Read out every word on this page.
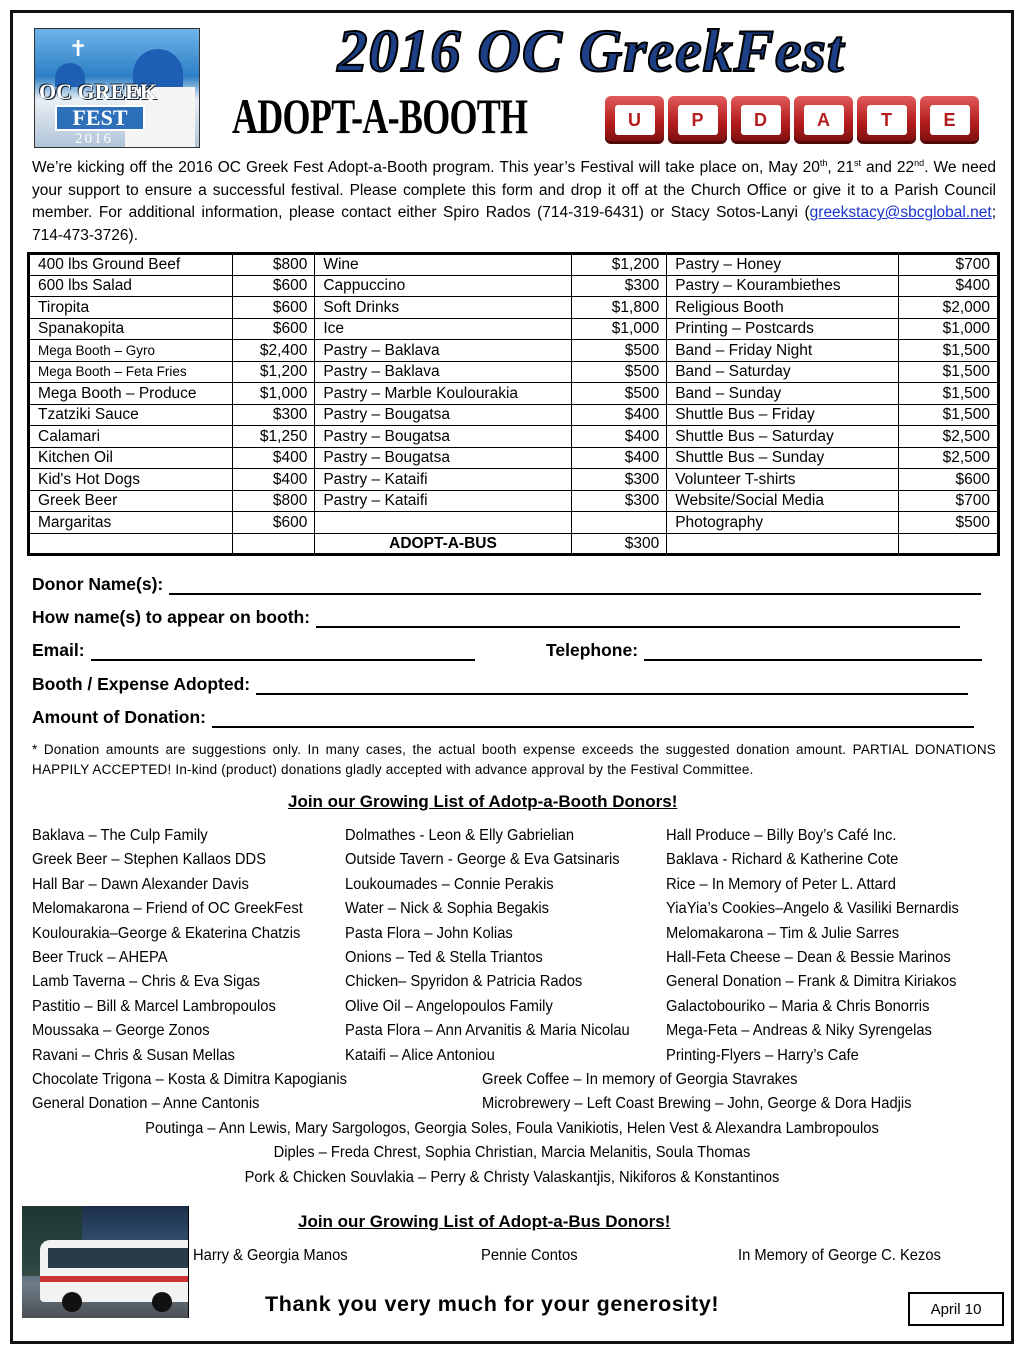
✝
OC GREEK
FEST
2016
2016 OC GreekFest
ADOPT-A-BOOTH	U	P	D	A	T	E

We’re kicking off the 2016 OC Greek Fest Adopt-a-Booth program. This year’s Festival will take place on, May 20th, 21st and 22nd. We need your support to ensure a successful festival. Please complete this form and drop it off at the Church Office or give it to a Parish Council member. For additional information, please contact either Spiro Rados (714-319-6431) or Stacy Sotos-Lanyi (greekstacy@sbcglobal.net; 714-473-3726).

400 lbs Ground Beef	$800	Wine	$1,200	Pastry – Honey	$700
600 lbs Salad	$600	Cappuccino	$300	Pastry – Kourambiethes	$400
Tiropita	$600	Soft Drinks	$1,800	Religious Booth	$2,000
Spanakopita	$600	Ice	$1,000	Printing – Postcards	$1,000
Mega Booth – Gyro	$2,400	Pastry – Baklava	$500	Band – Friday Night	$1,500
Mega Booth – Feta Fries	$1,200	Pastry – Baklava	$500	Band – Saturday	$1,500
Mega Booth – Produce	$1,000	Pastry – Marble Koulourakia	$500	Band – Sunday	$1,500
Tzatziki Sauce	$300	Pastry – Bougatsa	$400	Shuttle Bus – Friday	$1,500
Calamari	$1,250	Pastry – Bougatsa	$400	Shuttle Bus – Saturday	$2,500
Kitchen Oil	$400	Pastry – Bougatsa	$400	Shuttle Bus – Sunday	$2,500
Kid's Hot Dogs	$400	Pastry – Kataifi	$300	Volunteer T-shirts	$600
Greek Beer	$800	Pastry – Kataifi	$300	Website/Social Media	$700
Margaritas	$600			Photography	$500
		ADOPT-A-BUS	$300		
Donor Name(s):
How name(s) to appear on booth:
Email:	Telephone:
Booth / Expense Adopted:
Amount of Donation:

* Donation amounts are suggestions only. In many cases, the actual booth expense exceeds the suggested donation amount. PARTIAL DONATIONS HAPPILY ACCEPTED! In-kind (product) donations gladly accepted with advance approval by the Festival Committee.

Join our Growing List of Adotp-a-Booth Donors!
Baklava – The Culp Family
Greek Beer – Stephen Kallaos DDS
Hall Bar – Dawn Alexander Davis
Melomakarona – Friend of OC GreekFest
Koulourakia–George & Ekaterina Chatzis
Beer Truck – AHEPA
Lamb Taverna – Chris & Eva Sigas
Pastitio – Bill & Marcel Lambropoulos
Moussaka – George Zonos
Ravani – Chris & Susan Mellas
Dolmathes - Leon & Elly Gabrielian
Outside Tavern - George & Eva Gatsinaris
Loukoumades – Connie Perakis
Water – Nick & Sophia Begakis
Pasta Flora – John Kolias
Onions – Ted & Stella Triantos
Chicken– Spyridon & Patricia Rados
Olive Oil – Angelopoulos Family
Pasta Flora – Ann Arvanitis & Maria Nicolau
Kataifi – Alice Antoniou
Hall Produce – Billy Boy’s Café Inc.
Baklava - Richard & Katherine Cote
Rice – In Memory of Peter L. Attard
YiaYia’s Cookies–Angelo & Vasiliki Bernardis
Melomakarona – Tim & Julie Sarres
Hall-Feta Cheese – Dean & Bessie Marinos
General Donation – Frank & Dimitra Kiriakos
Galactobouriko – Maria & Chris Bonorris
Mega-Feta – Andreas & Niky Syrengelas
Printing-Flyers – Harry’s Cafe
Chocolate Trigona – Kosta & Dimitra Kapogianis
General Donation – Anne Cantonis
Greek Coffee – In memory of Georgia Stavrakes
Microbrewery – Left Coast Brewing – John, George & Dora Hadjis
Poutinga – Ann Lewis, Mary Sargologos, Georgia Soles, Foula Vanikiotis, Helen Vest & Alexandra Lambropoulos
Diples – Freda Chrest, Sophia Christian, Marcia Melanitis, Soula Thomas
Pork & Chicken Souvlakia – Perry & Christy Valaskantjis, Nikiforos & Konstantinos
Join our Growing List of Adopt-a-Bus Donors!
Harry & Georgia Manos	Pennie Contos	In Memory of George C. Kezos
Thank you very much for your generosity!	April 10
